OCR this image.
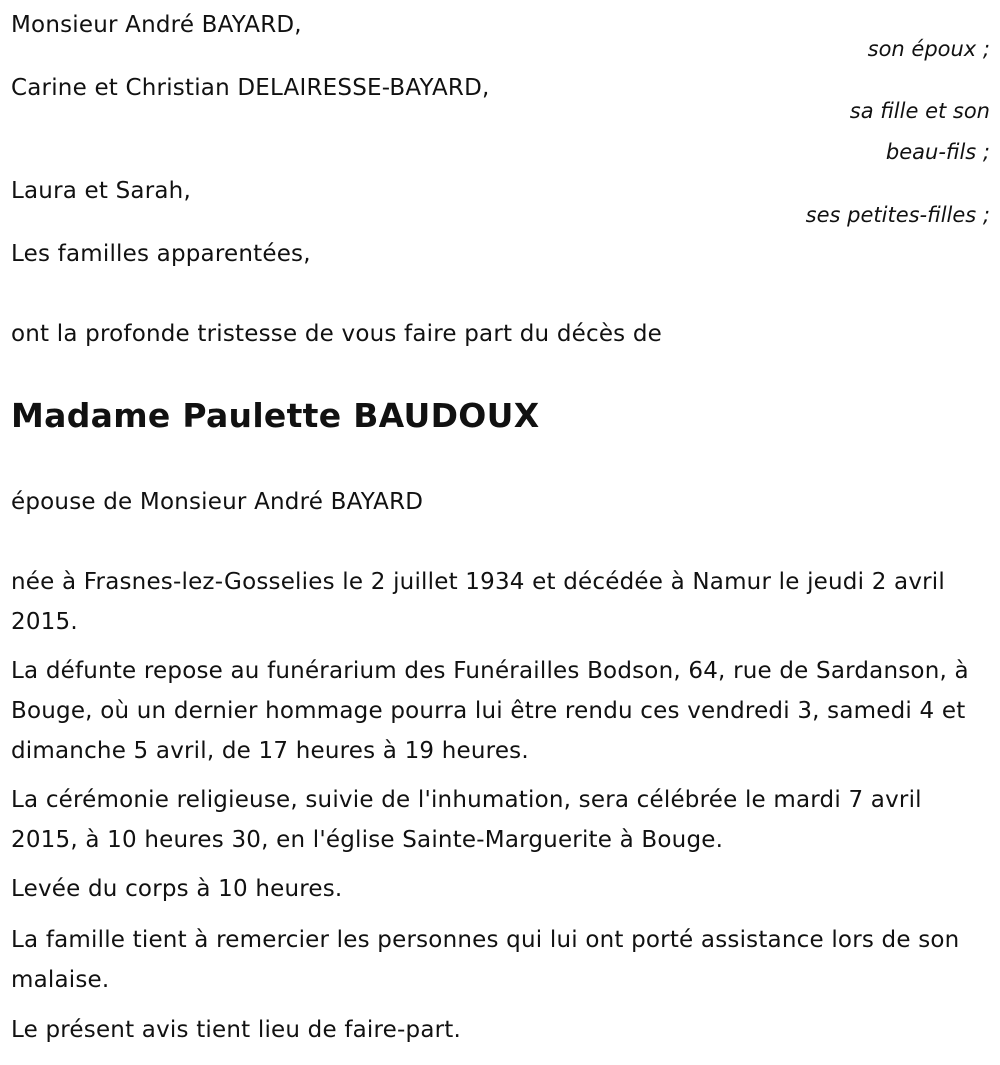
Monsieur André BAYARD,
son époux ;
Carine et Christian DELAIRESSE-BAYARD,
sa fille et son
beau-fils ;
Laura et Sarah,
ses petites-filles ;
Les familles apparentées,
ont la profonde tristesse de vous faire part du décès de
Madame Paulette BAUDOUX
épouse de Monsieur André BAYARD
née à Frasnes-lez-Gosselies le 2 juillet 1934 et décédée à Namur le jeudi 2 avril 2015.
La défunte repose au funérarium des Funérailles Bodson, 64, rue de Sardanson, à Bouge, où un dernier hommage pourra lui être rendu ces vendredi 3, samedi 4 et dimanche 5 avril, de 17 heures à 19 heures.
La cérémonie religieuse, suivie de l'inhumation, sera célébrée le mardi 7 avril 2015, à 10 heures 30, en l'église Sainte-Marguerite à Bouge.
Levée du corps à 10 heures.
La famille tient à remercier les personnes qui lui ont porté assistance lors de son malaise.
Le présent avis tient lieu de faire-part.
